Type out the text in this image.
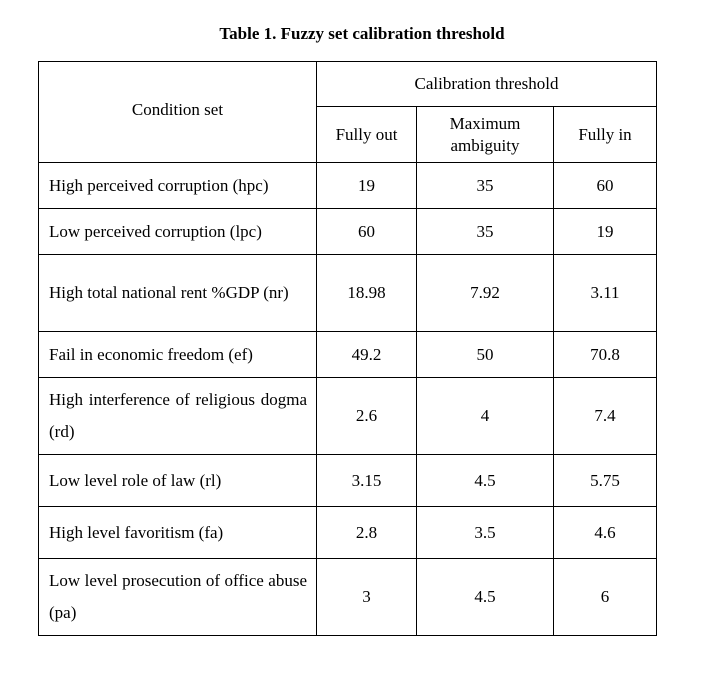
Table 1. Fuzzy set calibration threshold
Condition set	Calibration threshold		
	Fully out	Maximum ambiguity	Fully in
High perceived corruption (hpc)	19	35	60
Low perceived corruption (lpc)	60	35	19
High total national rent %GDP (nr)	18.98	7.92	3.11
Fail in economic freedom (ef)	49.2	50	70.8
High interference of religious dogma (rd)	2.6	4	7.4
Low level role of law (rl)	3.15	4.5	5.75
High level favoritism (fa)	2.8	3.5	4.6
Low level prosecution of office abuse (pa)	3	4.5	6
